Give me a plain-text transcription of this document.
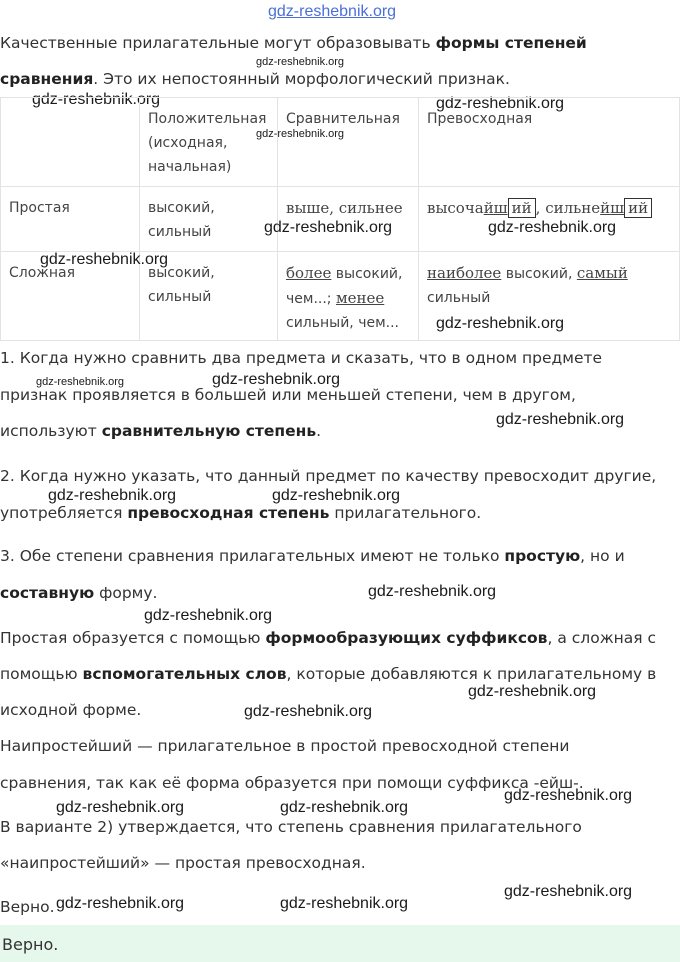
gdz-reshebnik.org
gdz-reshebnik.org
gdz-reshebnik.org	gdz-reshebnik.org
gdz-reshebnik.org
Качественные прилагательные могут образовывать формы степеней
сравнения. Это их непостоянный морфологический признак.
	Положительная
(исходная,
начальная)	Сравнительная	Превосходная
Простая	высокий,
сильный	выше, сильнее	высочайш ий , сильнейш ий
Сложная	высокий,
сильный	более высокий,
чем...; менее
сильный, чем...	наиболее высокий, самый
сильный
gdz-reshebnik.org	gdz-reshebnik.org
gdz-reshebnik.org
gdz-reshebnik.org
1. Когда нужно сравнить два предмета и сказать, что в одном предмете
gdz-reshebnik.org	gdz-reshebnik.org
признак проявляется в большей или меньшей степени, чем в другом,
gdz-reshebnik.org
используют сравнительную степень.
2. Когда нужно указать, что данный предмет по качеству превосходит другие,
gdz-reshebnik.org	gdz-reshebnik.org
употребляется превосходная степень прилагательного.
3. Обе степени сравнения прилагательных имеют не только простую, но и
gdz-reshebnik.org
составную форму.
gdz-reshebnik.org
Простая образуется с помощью формообразующих суффиксов, а сложная с
помощью вспомогательных слов, которые добавляются к прилагательному в
gdz-reshebnik.org
исходной форме.	gdz-reshebnik.org
Наипростейший — прилагательное в простой превосходной степени
сравнения, так как её форма образуется при помощи суффикса -ейш-.
gdz-reshebnik.org
gdz-reshebnik.org	gdz-reshebnik.org
В варианте 2) утверждается, что степень сравнения прилагательного
«наипростейший» — простая превосходная.
gdz-reshebnik.org
Верно. gdz-reshebnik.org	gdz-reshebnik.org
Верно.
